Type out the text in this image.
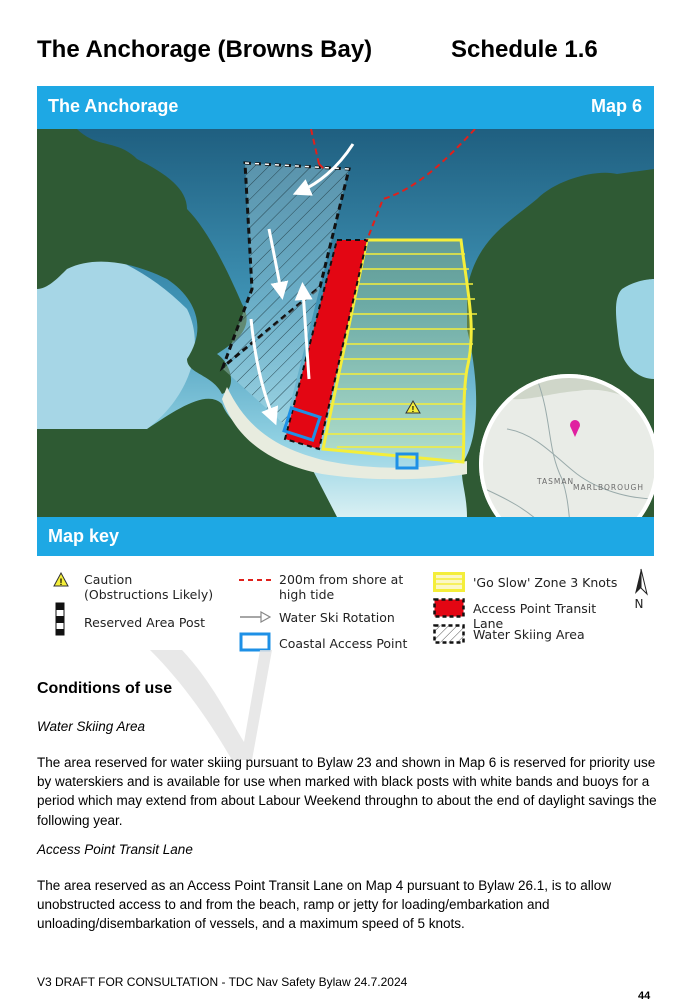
The Anchorage (Browns Bay)	Schedule 1.6
The Anchorage	Map 6
!
TASMAN
MARLBOROUGH
Map key
! Caution (Obstructions Likely)
Reserved Area Post
200m from shore at high tide
Water Ski Rotation
Coastal Access Point
'Go Slow' Zone 3 Knots
Access Point Transit Lane
Water Skiing Area
N
Conditions of use
Water Skiing Area
The area reserved for water skiing pursuant to Bylaw 23 and shown in Map 6 is reserved for priority use by waterskiers and is available for use when marked with black posts with white bands and buoys for a period which may extend from about Labour Weekend throughn to about the end of daylight savings the following year.
Access Point Transit Lane
The area reserved as an Access Point Transit Lane on Map 4 pursuant to Bylaw 26.1, is to allow unobstructed access to and from the beach, ramp or jetty for loading/embarkation and unloading/disembarkation of vessels, and a maximum speed of 5 knots.
V3 DRAFT FOR CONSULTATION - TDC Nav Safety Bylaw 24.7.2024
44
